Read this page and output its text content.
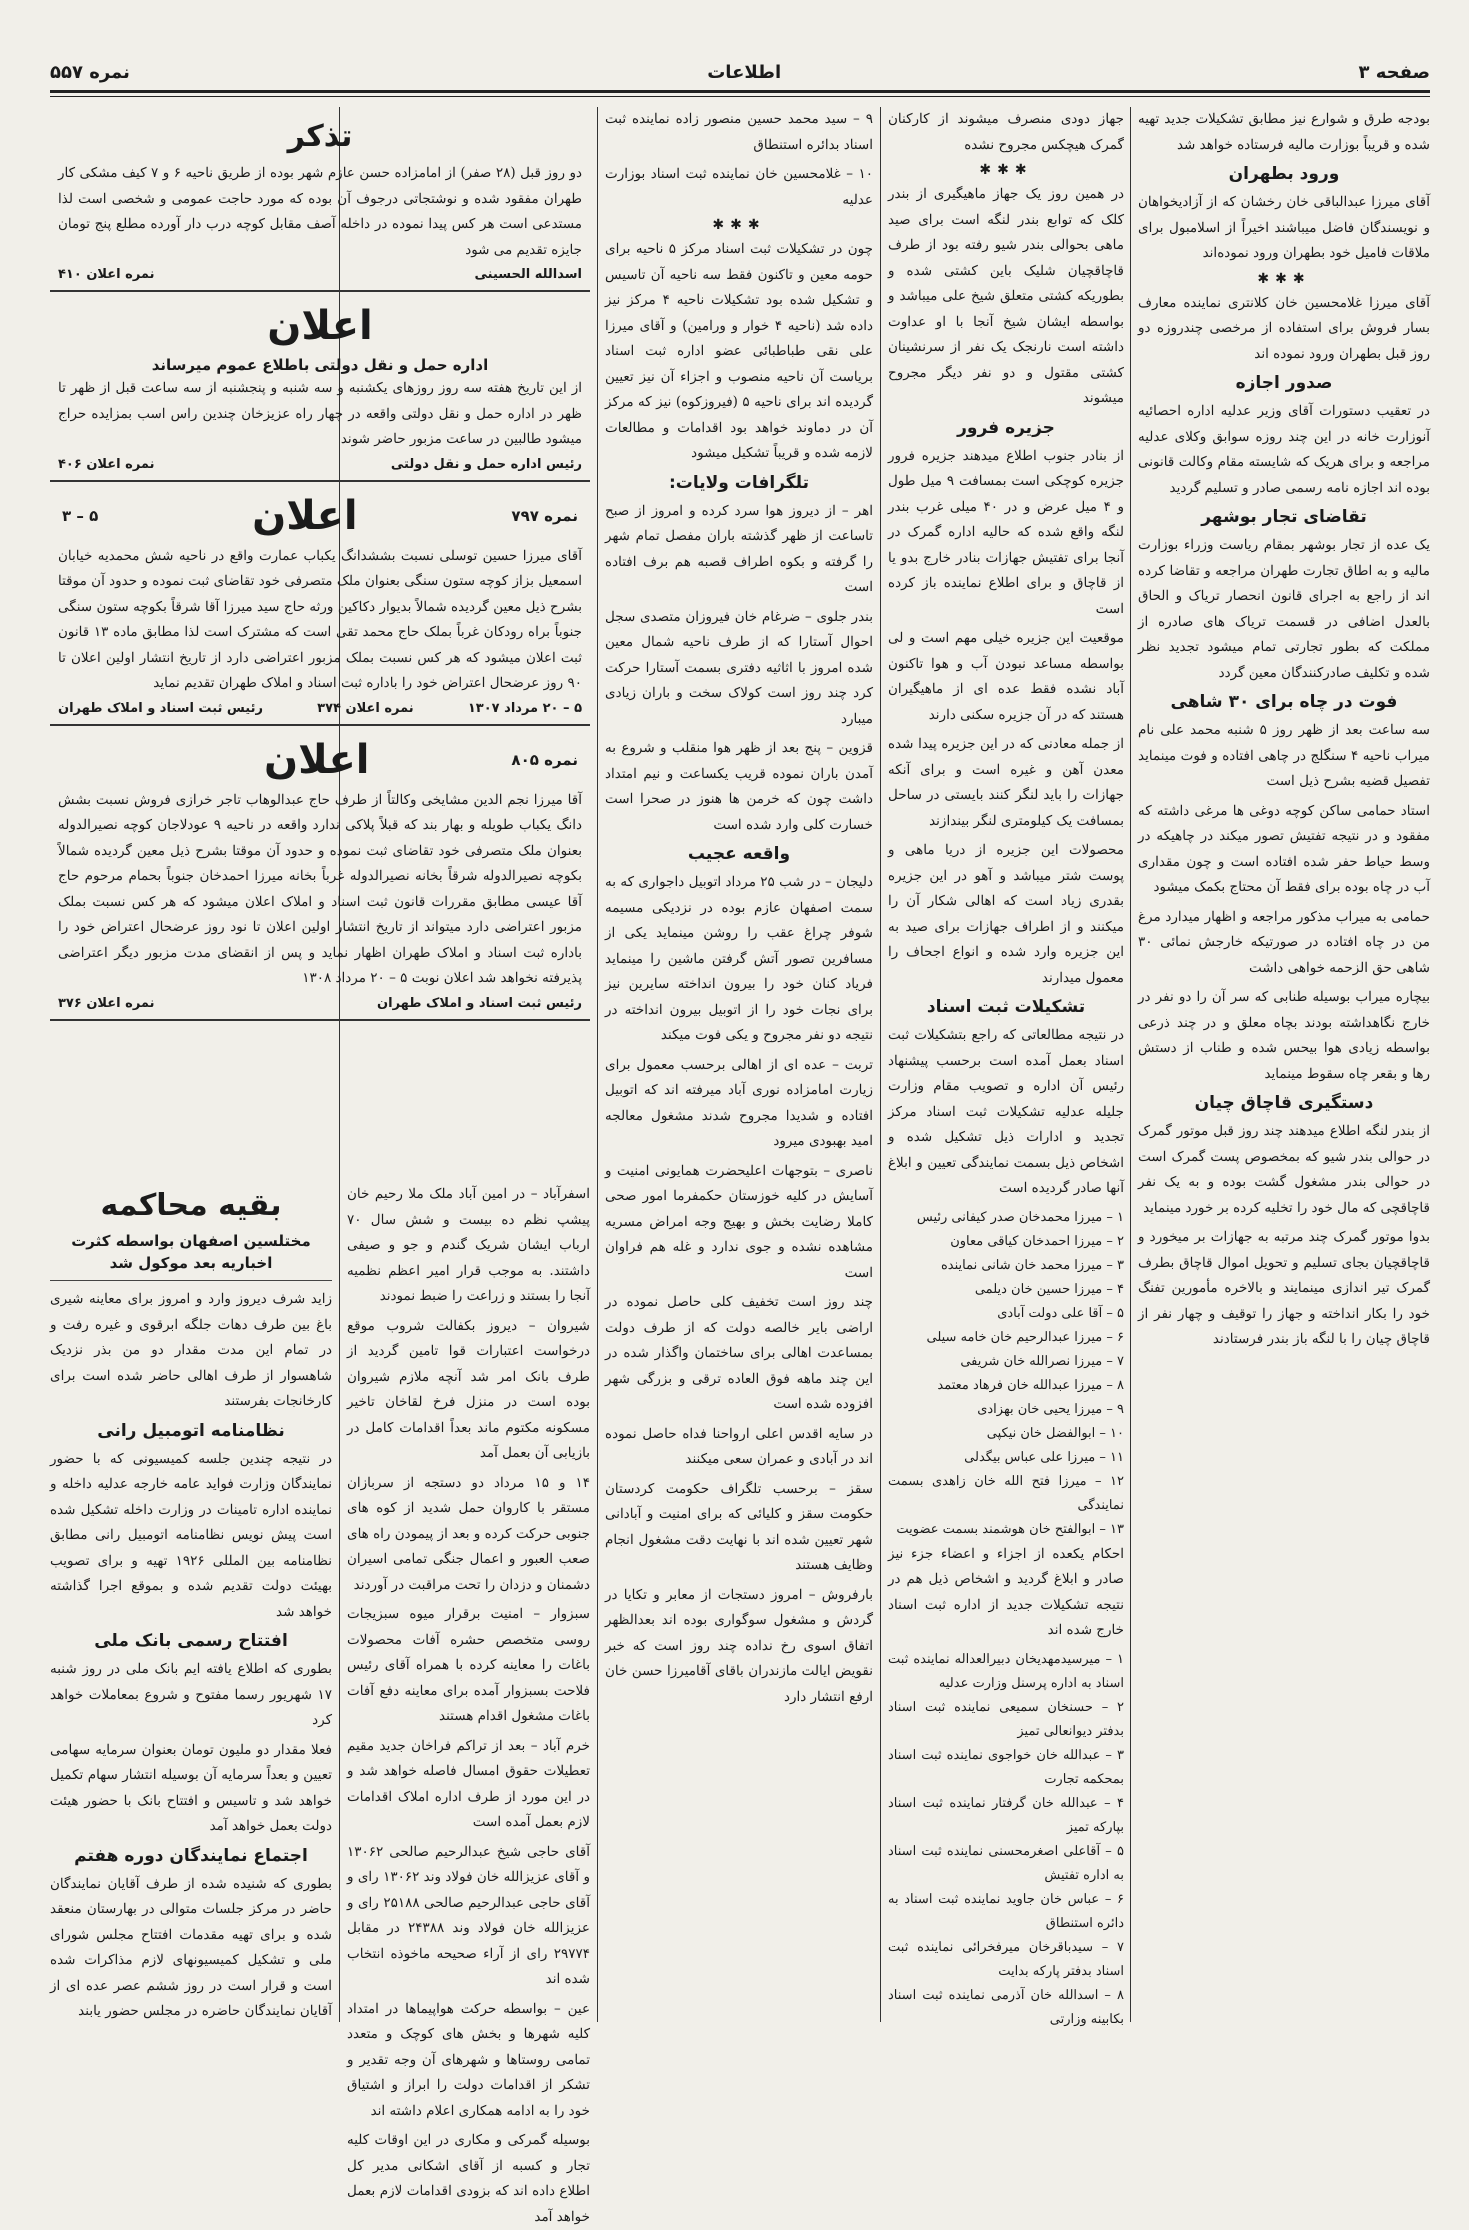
صفحه ۳
اطلاعات
نمره ۵۵۷

بودجه طرق و شوارع نیز مطابق تشکیلات جدید تهیه شده و قریباً بوزارت مالیه فرستاده خواهد شد

ورود بطهران

آقای میرزا عبدالباقی خان رخشان که از آزادیخواهان و نویسندگان فاضل میباشند اخیراً از اسلامبول برای ملاقات فامیل خود بطهران ورود نموده‌اند

✱✱✱

آقای میرزا غلامحسین خان کلانتری نماینده معارف بسار فروش برای استفاده از مرخصی چندروزه دو روز قبل بطهران ورود نموده اند

صدور اجازه

در تعقیب دستورات آقای وزیر عدلیه اداره احصائیه آنوزارت خانه در این چند روزه سوابق وکلای عدلیه مراجعه و برای هریک که شایسته مقام وکالت قانونی بوده اند اجازه نامه رسمی صادر و تسلیم گردید

تقاضای تجار بوشهر

یک عده از تجار بوشهر بمقام ریاست وزراء بوزارت مالیه و به اطاق تجارت طهران مراجعه و تقاضا کرده اند از راجع به اجرای قانون انحصار تریاک و الحاق بالعدل اضافی در قسمت تریاک های صادره از مملکت که بطور تجارتی تمام میشود تجدید نظر شده و تکلیف صادرکنندگان معین گردد

فوت در چاه برای ۳۰ شاهی

سه ساعت بعد از ظهر روز ۵ شنبه محمد علی نام میراب ناحیه ۴ سنگلج در چاهی افتاده و فوت مینماید تفصیل قضیه بشرح ذیل است

استاد حمامی ساکن کوچه دوغی ها مرغی داشته که مفقود و در نتیجه تفتیش تصور میکند در چاهیکه در وسط حیاط حفر شده افتاده است و چون مقداری آب در چاه بوده برای فقط آن محتاج بکمک میشود

حمامی به میراب مذکور مراجعه و اظهار میدارد مرغ من در چاه افتاده در صورتیکه خارجش نمائی ۳۰ شاهی حق الزحمه خواهی داشت

بیچاره میراب بوسیله طنابی که سر آن را دو نفر در خارج نگاهداشته بودند بچاه معلق و در چند ذرعی بواسطه زیادی هوا بیحس شده و طناب از دستش رها و بقعر چاه سقوط مینماید

دستگیری قاچاق چیان

از بندر لنگه اطلاع میدهند چند روز قبل موتور گمرک در حوالی بندر شیو که بمخصوص پست گمرک است در حوالی بندر مشغول گشت بوده و به یک نفر قاچاقچی که مال خود را تخلیه کرده بر خورد مینماید

بدوا موتور گمرک چند مرتبه به جهازات بر میخورد و قاچاقچیان بجای تسلیم و تحویل اموال قاچاق بطرف گمرک تیر اندازی مینمایند و بالاخره مأمورین تفنگ خود را بکار انداخته و جهاز را توقیف و چهار نفر از قاچاق چیان را با لنگه باز بندر فرستادند

جهاز دودی منصرف میشوند از کارکنان گمرک هیچکس مجروح نشده

✱✱✱

در همین روز یک جهاز ماهیگیری از بندر کلک که توابع بندر لنگه است برای صید ماهی بحوالی بندر شیو رفته بود از طرف قاچاقچیان شلیک باین کشتی شده و بطوریکه کشتی متعلق شیخ علی میباشد و بواسطه ایشان شیخ آنجا با او عداوت داشته است نارنجک یک نفر از سرنشینان کشتی مقتول و دو نفر دیگر مجروح میشوند

جزیره فرور

از بنادر جنوب اطلاع میدهند جزیره فرور جزیره کوچکی است بمسافت ۹ میل طول و ۴ میل عرض و در ۴۰ میلی غرب بندر لنگه واقع شده که حالیه اداره گمرک در آنجا برای تفتیش جهازات بنادر خارج بدو یا از قاچاق و برای اطلاع نماینده باز کرده است

موقعیت این جزیره خیلی مهم است و لی بواسطه مساعد نبودن آب و هوا تاکنون آباد نشده فقط عده ای از ماهیگیران هستند که در آن جزیره سکنی دارند

از جمله معادنی که در این جزیره پیدا شده معدن آهن و غیره است و برای آنکه جهازات را باید لنگر کنند بایستی در ساحل بمسافت یک کیلومتری لنگر بیندازند

محصولات این جزیره از دریا ماهی و پوست شتر میباشد و آهو در این جزیره بقدری زیاد است که اهالی شکار آن را میکنند و از اطراف جهازات برای صید به این جزیره وارد شده و انواع اجحاف را معمول میدارند

تشکیلات ثبت اسناد

در نتیجه مطالعاتی که راجع بتشکیلات ثبت اسناد بعمل آمده است برحسب پیشنهاد رئیس آن اداره و تصویب مقام وزارت جلیله عدلیه تشکیلات ثبت اسناد مرکز تجدید و ادارات ذیل تشکیل شده و اشخاص ذیل بسمت نمایندگی تعیین و ابلاغ آنها صادر گردیده است

۱ – میرزا محمدخان صدر کیفانی رئیس
۲ – میرزا احمدخان کیاقی معاون
۳ – میرزا محمد خان شانی نماینده
۴ – میرزا حسین خان دیلمی
۵ – آقا علی دولت آبادی
۶ – میرزا عبدالرحیم خان خامه سیلی
۷ – میرزا نصرالله خان شریفی
۸ – میرزا عبدالله خان فرهاد معتمد
۹ – میرزا یحیی خان بهزادی
۱۰ – ابوالفضل خان نیکپی
۱۱ – میرزا علی عباس بیگدلی
۱۲ – میرزا فتح الله خان زاهدی بسمت نمایندگی
۱۳ – ابوالفتح خان هوشمند بسمت عضویت

احکام یکعده از اجزاء و اعضاء جزء نیز صادر و ابلاغ گردید و اشخاص ذیل هم در نتیجه تشکیلات جدید از اداره ثبت اسناد خارج شده اند

۱ – میرسیدمهدیخان دبیرالعداله نماینده ثبت اسناد به اداره پرسنل وزارت عدلیه
۲ – حسنخان سمیعی نماینده ثبت اسناد بدفتر دیوانعالی تمیز
۳ – عبدالله خان خواجوی نماینده ثبت اسناد بمحکمه تجارت
۴ – عبدالله خان گرفتار نماینده ثبت اسناد بپارکه تمیز
۵ – آقاعلی اصغرمحسنی نماینده ثبت اسناد به اداره تفتیش
۶ – عباس خان جاوید نماینده ثبت اسناد به دائره استنطاق
۷ – سیدباقرخان میرفخرائی نماینده ثبت اسناد بدفتر پارکه بدایت
۸ – اسدالله خان آذرمی نماینده ثبت اسناد بکابینه وزارتی

۹ – سید محمد حسین منصور زاده نماینده ثبت اسناد بدائره استنطاق

۱۰ – غلامحسین خان نماینده ثبت اسناد بوزارت عدلیه

✱✱✱

چون در تشکیلات ثبت اسناد مرکز ۵ ناحیه برای حومه معین و تاکنون فقط سه ناحیه آن تاسیس و تشکیل شده بود تشکیلات ناحیه ۴ مرکز نیز داده شد (ناحیه ۴ خوار و ورامین) و آقای میرزا علی نقی طباطبائی عضو اداره ثبت اسناد بریاست آن ناحیه منصوب و اجزاء آن نیز تعیین گردیده اند برای ناحیه ۵ (فیروزکوه) نیز که مرکز آن در دماوند خواهد بود اقدامات و مطالعات لازمه شده و قریباً تشکیل میشود

تلگرافات ولایات:

اهر – از دیروز هوا سرد کرده و امروز از صبح تاساعت از ظهر گذشته باران مفصل تمام شهر را گرفته و بکوه اطراف قصبه هم برف افتاده است

بندر جلوی – ضرغام خان فیروزان متصدی سجل احوال آستارا که از طرف ناحیه شمال معین شده امروز با اثاثیه دفتری بسمت آستارا حرکت کرد چند روز است کولاک سخت و باران زیادی میبارد

قزوین – پنج بعد از ظهر هوا منقلب و شروع به آمدن باران نموده قریب یکساعت و نیم امتداد داشت چون که خرمن ها هنوز در صحرا است خسارت کلی وارد شده است

واقعه عجیب

دلیجان – در شب ۲۵ مرداد اتوبیل داجواری که به سمت اصفهان عازم بوده در نزدیکی مسیمه شوفر چراغ عقب را روشن مینماید یکی از مسافرین تصور آتش گرفتن ماشین را مینماید فریاد کنان خود را بیرون انداخته سایرین نیز برای نجات خود را از اتوبیل بیرون انداخته در نتیجه دو نفر مجروح و یکی فوت میکند

تربت – عده ای از اهالی برحسب معمول برای زیارت امامزاده نوری آباد میرفته اند که اتوبیل افتاده و شدیدا مجروح شدند مشغول معالجه امید بهبودی میرود

ناصری – بتوجهات اعلیحضرت همایونی امنیت و آسایش در کلیه خوزستان حکمفرما امور صحی کاملا رضایت بخش و بهیج وجه امراض مسریه مشاهده نشده و جوی ندارد و غله هم فراوان است

چند روز است تخفیف کلی حاصل نموده در اراضی بایر خالصه دولت که از طرف دولت بمساعدت اهالی برای ساختمان واگذار شده در این چند ماهه فوق العاده ترقی و بزرگی شهر افزوده شده است

در سایه اقدس اعلی ارواحنا فداه حاصل نموده اند در آبادی و عمران سعی میکنند

سقز – برحسب تلگراف حکومت کردستان حکومت سقز و کلیائی که برای امنیت و آبادانی شهر تعیین شده اند با نهایت دقت مشغول انجام وظایف هستند

بارفروش – امروز دستجات از معابر و تکایا در گردش و مشغول سوگواری بوده اند بعدالظهر اتفاق اسوی رخ نداده چند روز است که خبر نقویض ایالت مازندران باقای آقامیرزا حسن خان ارفع انتشار دارد

تذکر

دو روز قبل (۲۸ صفر) از امامزاده حسن عازم شهر بوده از طریق ناحیه ۶ و ۷ کیف مشکی کار طهران مفقود شده و نوشتجاتی درجوف آن بوده که مورد حاجت عمومی و شخصی است لذا مستدعی است هر کس پیدا نموده در داخله آصف مقابل کوچه درب دار آورده مطلع پنج تومان جایزه تقدیم می شود

اسدالله الحسینی
نمره اعلان ۴۱۰
اعلان
اداره حمل و نقل دولتی باطلاع عموم میرساند

از این تاریخ هفته سه روز روزهای یکشنبه و سه شنبه و پنجشنبه از سه ساعت قبل از ظهر تا ظهر در اداره حمل و نقل دولتی واقعه در چهار راه عزیزخان چندین راس اسب بمزایده حراج میشود طالبین در ساعت مزبور حاضر شوند

رئیس اداره حمل و نقل دولتی
نمره اعلان ۴۰۶
نمره ۷۹۷
اعلان
۵ – ۳

آقای میرزا حسین توسلی نسبت بششدانگ یکباب عمارت واقع در ناحیه شش محمدیه خیابان اسمعیل بزاز کوچه ستون سنگی بعنوان ملک متصرفی خود تقاضای ثبت نموده و حدود آن موقتا بشرح ذیل معین گردیده شمالاً بدیوار دکاکین ورثه حاج سید میرزا آقا شرقاً بکوچه ستون سنگی جنوباً براه رودکان غرباً بملک حاج محمد تقی است که مشترک است لذا مطابق ماده ۱۳ قانون ثبت اعلان میشود که هر کس نسبت بملک مزبور اعتراضی دارد از تاریخ انتشار اولین اعلان تا ۹۰ روز عرضحال اعتراض خود را باداره ثبت اسناد و املاک طهران تقدیم نماید

۵ – ۲۰ مرداد ۱۳۰۷
نمره اعلان ۳۷۴
رئیس ثبت اسناد و املاک طهران
نمره ۸۰۵
اعلان

آقا میرزا نجم الدین مشایخی وکالتاً از طرف حاج عبدالوهاب تاجر خرازی فروش نسبت بشش دانگ یکباب طویله و بهار بند که قبلاً پلاکی ندارد واقعه در ناحیه ۹ عودلاجان کوچه نصیرالدوله بعنوان ملک متصرفی خود تقاضای ثبت نموده و حدود آن موقتا بشرح ذیل معین گردیده شمالاً بکوچه نصیرالدوله شرقاً بخانه نصیرالدوله غرباً بخانه میرزا احمدخان جنوباً بحمام مرحوم حاج آقا عیسی مطابق مقررات قانون ثبت اسناد و املاک اعلان میشود که هر کس نسبت بملک مزبور اعتراضی دارد میتواند از تاریخ انتشار اولین اعلان تا نود روز عرضحال اعتراض خود را باداره ثبت اسناد و املاک طهران اظهار نماید و پس از انقضای مدت مزبور دیگر اعتراضی پذیرفته نخواهد شد اعلان نوبت ۵ – ۲۰ مرداد ۱۳۰۸

رئیس ثبت اسناد و املاک طهران
نمره اعلان ۳۷۶

اسفرآباد – در امین آباد ملک ملا رحیم خان پیشپ نظم ده بیست و شش سال ۷۰ ارباب ایشان شریک گندم و جو و صیفی داشتند. به موجب قرار امیر اعظم نظمیه آنجا را بستند و زراعت را ضبط نمودند

شیروان – دیروز بکفالت شروب موقع درخواست اعتبارات قوا تامین گردید از طرف بانک امر شد آنچه ملازم شیروان بوده است در منزل فرخ لقاخان تاخیر مسکونه مکتوم ماند بعداً اقدامات کامل در بازیابی آن بعمل آمد

۱۴ و ۱۵ مرداد دو دستجه از سربازان مستقر با کاروان حمل شدید از کوه های جنوبی حرکت کرده و بعد از پیمودن راه های صعب العبور و اعمال جنگی تمامی اسیران دشمنان و دزدان را تحت مراقبت در آوردند

سبزوار – امنیت برقرار میوه سبزیجات روسی متخصص حشره آفات محصولات باغات را معاینه کرده با همراه آقای رئیس فلاحت بسبزوار آمده برای معاینه دفع آفات باغات مشغول اقدام هستند

خرم آباد – بعد از تراکم فراخان جدید مقیم تعطیلات حقوق امسال فاصله خواهد شد و در این مورد از طرف اداره املاک اقدامات لازم بعمل آمده است

آقای حاجی شیخ عبدالرحیم صالحی ۱۳۰۶۲ و آقای عزیزالله خان فولاد وند ۱۳۰۶۲ رای و آقای حاجی عبدالرحیم صالحی ۲۵۱۸۸ رای و عزیزالله خان فولاد وند ۲۴۳۸۸ در مقابل ۲۹۷۷۴ رای از آراء صحیحه ماخوذه انتخاب شده اند

عین – بواسطه حرکت هواپیماها در امتداد کلیه شهرها و بخش های کوچک و متعدد تمامی روستاها و شهرهای آن وجه تقدیر و تشکر از اقدامات دولت را ابراز و اشتیاق خود را به ادامه همکاری اعلام داشته اند

بوسیله گمرکی و مکاری در این اوقات کلیه تجار و کسبه از آقای اشکانی مدیر کل اطلاع داده اند که بزودی اقدامات لازم بعمل خواهد آمد

بقیه محاکمه
مختلسین اصفهان بواسطه کثرت اخباریه بعد موکول شد

زاید شرف دیروز وارد و امروز برای معاینه شیری باغ بین طرف دهات جلگه ابرقوی و غیره رفت و در تمام این مدت مقدار دو من بذر نزدیک شاهسوار از طرف اهالی حاضر شده است برای کارخانجات بفرستند

نظامنامه اتومبیل رانی

در نتیجه چندین جلسه کمیسیونی که با حضور نمایندگان وزارت فواید عامه خارجه عدلیه داخله و نماینده اداره تامینات در وزارت داخله تشکیل شده است پیش نویس نظامنامه اتومبیل رانی مطابق نظامنامه بین المللی ۱۹۲۶ تهیه و برای تصویب بهیئت دولت تقدیم شده و بموقع اجرا گذاشته خواهد شد

افتتاح رسمی بانک ملی

بطوری که اطلاع یافته ایم بانک ملی در روز شنبه ۱۷ شهریور رسما مفتوح و شروع بمعاملات خواهد کرد

فعلا مقدار دو ملیون تومان بعنوان سرمایه سهامی تعیین و بعداً سرمایه آن بوسیله انتشار سهام تکمیل خواهد شد و تاسیس و افتتاح بانک با حضور هیئت دولت بعمل خواهد آمد

اجتماع نمایندگان دوره هفتم

بطوری که شنیده شده از طرف آقایان نمایندگان حاضر در مرکز جلسات متوالی در بهارستان منعقد شده و برای تهیه مقدمات افتتاح مجلس شورای ملی و تشکیل کمیسیونهای لازم مذاکرات شده است و قرار است در روز ششم عصر عده ای از آقایان نمایندگان حاضره در مجلس حضور یابند
